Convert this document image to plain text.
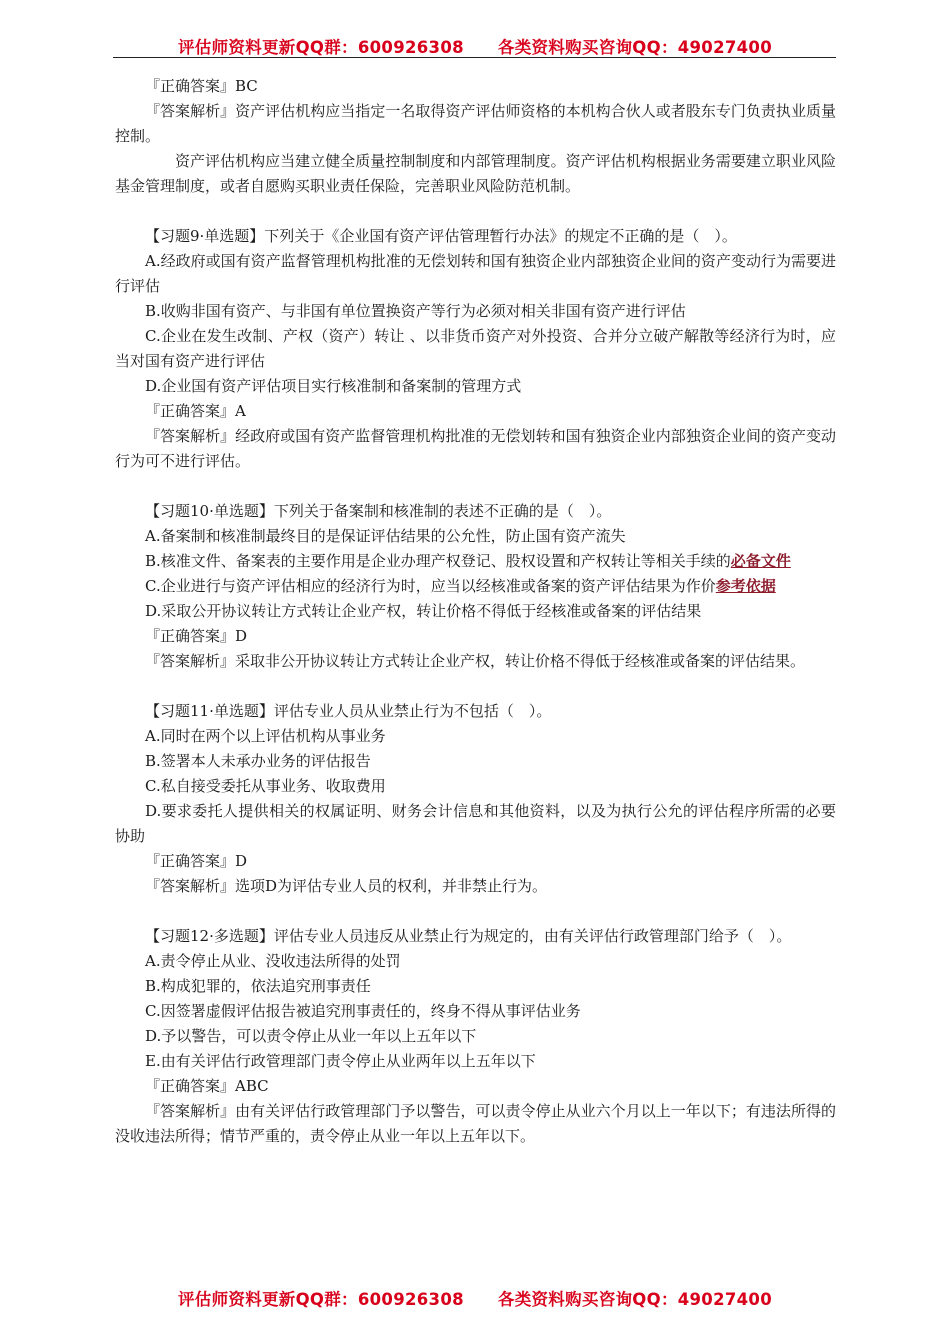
评估师资料更新QQ群：600926308 各类资料购买咨询QQ：49027400

『正确答案』BC

『答案解析』资产评估机构应当指定一名取得资产评估师资格的本机构合伙人或者股东专门负责执业质量控制。

资产评估机构应当建立健全质量控制制度和内部管理制度。资产评估机构根据业务需要建立职业风险基金管理制度，或者自愿购买职业责任保险，完善职业风险防范机制。

【习题9·单选题】下列关于《企业国有资产评估管理暂行办法》的规定不正确的是（　）。

A.经政府或国有资产监督管理机构批准的无偿划转和国有独资企业内部独资企业间的资产变动行为需要进行评估

B.收购非国有资产、与非国有单位置换资产等行为必须对相关非国有资产进行评估

C.企业在发生改制、产权（资产）转让 、以非货币资产对外投资、合并分立破产解散等经济行为时，应当对国有资产进行评估

D.企业国有资产评估项目实行核准制和备案制的管理方式

『正确答案』A

『答案解析』经政府或国有资产监督管理机构批准的无偿划转和国有独资企业内部独资企业间的资产变动行为可不进行评估。

【习题10·单选题】下列关于备案制和核准制的表述不正确的是（　）。

A.备案制和核准制最终目的是保证评估结果的公允性，防止国有资产流失

B.核准文件、备案表的主要作用是企业办理产权登记、股权设置和产权转让等相关手续的必备文件

C.企业进行与资产评估相应的经济行为时，应当以经核准或备案的资产评估结果为作价参考依据

D.采取公开协议转让方式转让企业产权，转让价格不得低于经核准或备案的评估结果

『正确答案』D

『答案解析』采取非公开协议转让方式转让企业产权，转让价格不得低于经核准或备案的评估结果。

【习题11·单选题】评估专业人员从业禁止行为不包括（　）。

A.同时在两个以上评估机构从事业务

B.签署本人未承办业务的评估报告

C.私自接受委托从事业务、收取费用

D.要求委托人提供相关的权属证明、财务会计信息和其他资料，以及为执行公允的评估程序所需的必要协助

『正确答案』D

『答案解析』选项D为评估专业人员的权利，并非禁止行为。

【习题12·多选题】评估专业人员违反从业禁止行为规定的，由有关评估行政管理部门给予（　）。

A.责令停止从业、没收违法所得的处罚

B.构成犯罪的，依法追究刑事责任

C.因签署虚假评估报告被追究刑事责任的，终身不得从事评估业务

D.予以警告，可以责令停止从业一年以上五年以下

E.由有关评估行政管理部门责令停止从业两年以上五年以下

『正确答案』ABC

『答案解析』由有关评估行政管理部门予以警告，可以责令停止从业六个月以上一年以下；有违法所得的没收违法所得；情节严重的，责令停止从业一年以上五年以下。

评估师资料更新QQ群：600926308 各类资料购买咨询QQ：49027400
